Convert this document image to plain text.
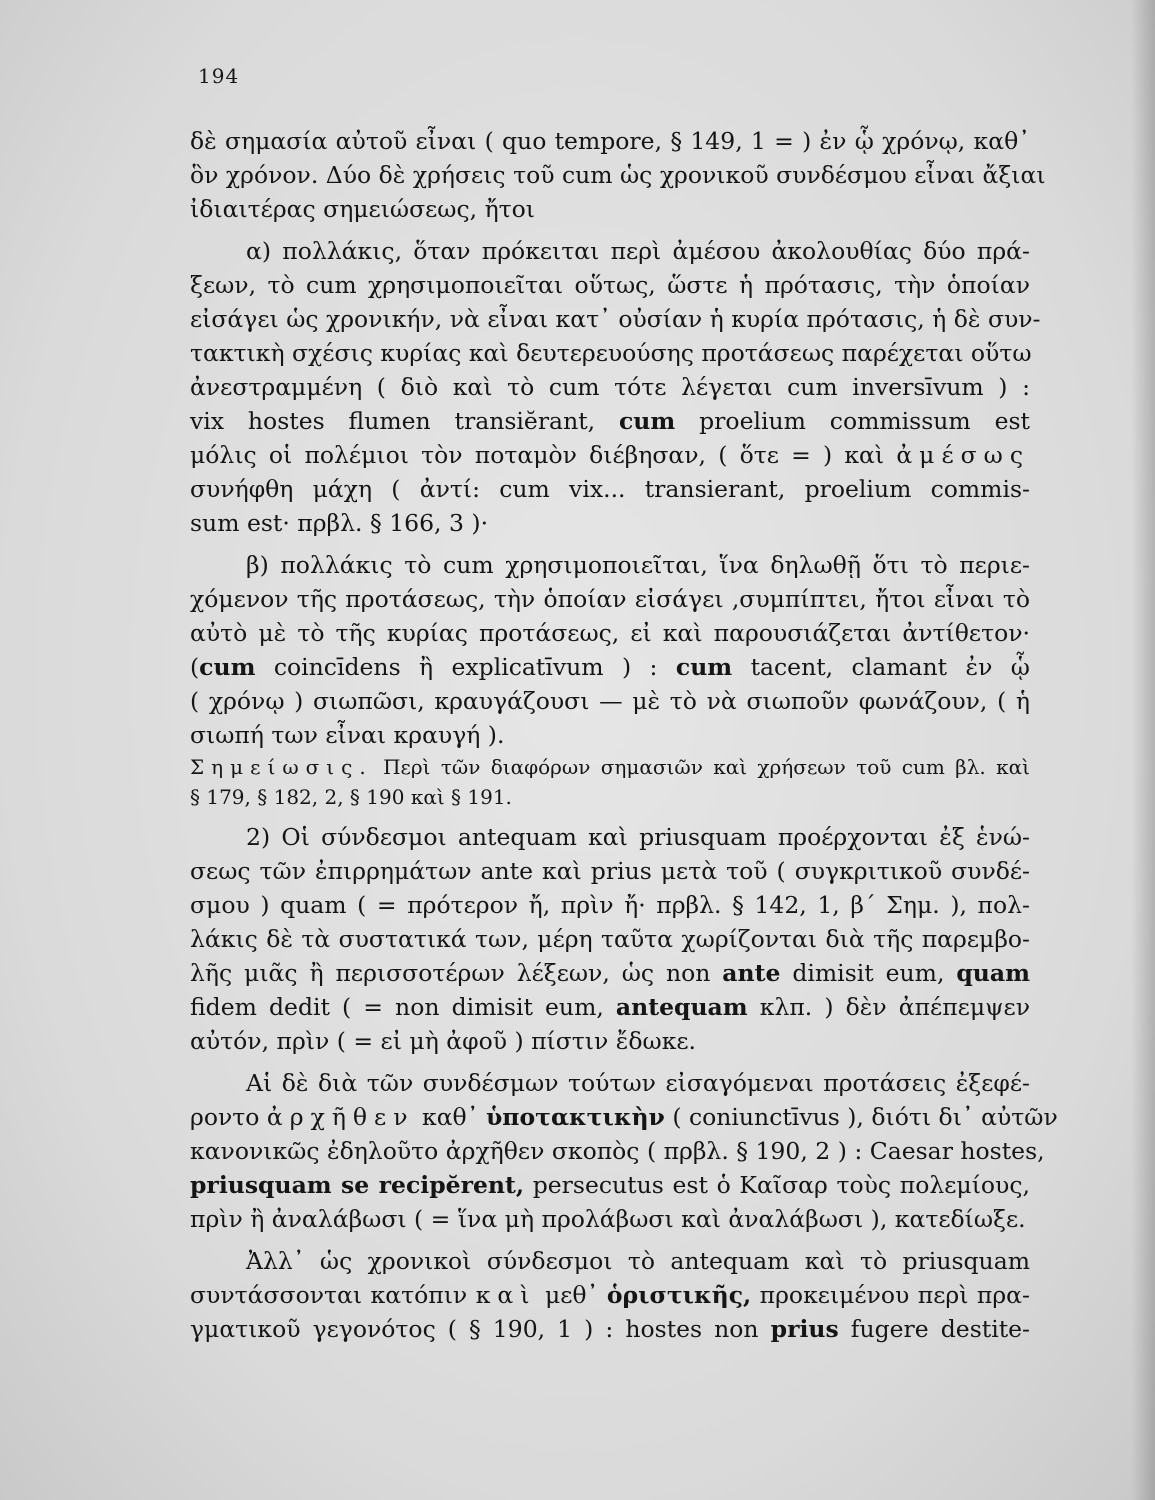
194

δὲ σημασία αὐτοῦ εἶναι ( quo tempore, § 149, 1 = ) ἐν ᾧ χρόνῳ, καθ᾽
ὃν χρόνον. Δύο δὲ χρήσεις τοῦ cum ὡς χρονικοῦ συνδέσμου εἶναι ἄξιαι
ἰδιαιτέρας σημειώσεως, ἤτοι

α) πολλάκις, ὅταν πρόκειται περὶ ἀμέσου ἀκολουθίας δύο πρά-
ξεων, τὸ cum χρησιμοποιεῖται οὕτως, ὥστε ἡ πρότασις, τὴν ὁποίαν
εἰσάγει ὡς χρονικήν, νὰ εἶναι κατ᾽ οὐσίαν ἡ κυρία πρότασις, ἡ δὲ συν-
τακτικὴ σχέσις κυρίας καὶ δευτερευούσης προτάσεως παρέχεται οὕτω
ἀνεστραμμένη ( διὸ καὶ τὸ cum τότε λέγεται cum inversīvum ) :
vix hostes flumen transiĕrant, cum proelium commissum est
μόλις οἱ πολέμιοι τὸν ποταμὸν διέβησαν, ( ὅτε = ) καὶ ἀμέσως
συνήφθη μάχη ( ἀντί: cum vix... transierant, proelium commis-
sum est· πρβλ. § 166, 3 )·

β) πολλάκις τὸ cum χρησιμοποιεῖται, ἵνα δηλωθῇ ὅτι τὸ περιε-
χόμενον τῆς προτάσεως, τὴν ὁποίαν εἰσάγει ,συμπίπτει, ἤτοι εἶναι τὸ
αὐτὸ μὲ τὸ τῆς κυρίας προτάσεως, εἰ καὶ παρουσιάζεται ἀντίθετον·
(cum coincīdens ἢ explicatīvum ) : cum tacent, clamant ἐν ᾧ
( χρόνῳ ) σιωπῶσι, κραυγάζουσι — μὲ τὸ νὰ σιωποῦν φωνάζουν, ( ἡ
σιωπή των εἶναι κραυγή ).

Σημείωσις. Περὶ τῶν διαφόρων σημασιῶν καὶ χρήσεων τοῦ cum βλ. καὶ
§ 179, § 182, 2, § 190 καὶ § 191.

2) Οἱ σύνδεσμοι antequam καὶ priusquam προέρχονται ἐξ ἑνώ-
σεως τῶν ἐπιρρημάτων ante καὶ prius μετὰ τοῦ ( συγκριτικοῦ συνδέ-
σμου ) quam ( = πρότερον ἤ, πρὶν ἤ· πρβλ. § 142, 1, β´ Σημ. ), πολ-
λάκις δὲ τὰ συστατικά των, μέρη ταῦτα χωρίζονται διὰ τῆς παρεμβο-
λῆς μιᾶς ἢ περισσοτέρων λέξεων, ὡς non ante dimisit eum, quam
fidem dedit ( = non dimisit eum, antequam κλπ. ) δὲν ἀπέπεμψεν
αὐτόν, πρὶν ( = εἰ μὴ ἀφοῦ ) πίστιν ἔδωκε.

Αἱ δὲ διὰ τῶν συνδέσμων τούτων εἰσαγόμεναι προτάσεις ἐξεφέ-
ροντο ἀρχῆθεν καθ᾽ ὑποτακτικὴν ( coniunctīvus ), διότι δι᾽ αὐτῶν
κανονικῶς ἐδηλοῦτο ἀρχῆθεν σκοπὸς ( πρβλ. § 190, 2 ) : Caesar hostes,
priusquam se recipĕrent, persecutus est ὁ Καῖσαρ τοὺς πολεμίους,
πρὶν ἢ ἀναλάβωσι ( = ἵνα μὴ προλάβωσι καὶ ἀναλάβωσι ), κατεδίωξε.

Ἀλλ᾽ ὡς χρονικοὶ σύνδεσμοι τὸ antequam καὶ τὸ priusquam
συντάσσονται κατόπιν καὶ μεθ᾽ ὁριστικῆς, προκειμένου περὶ πρα-
γματικοῦ γεγονότος ( § 190, 1 ) : hostes non prius fugere destite-
